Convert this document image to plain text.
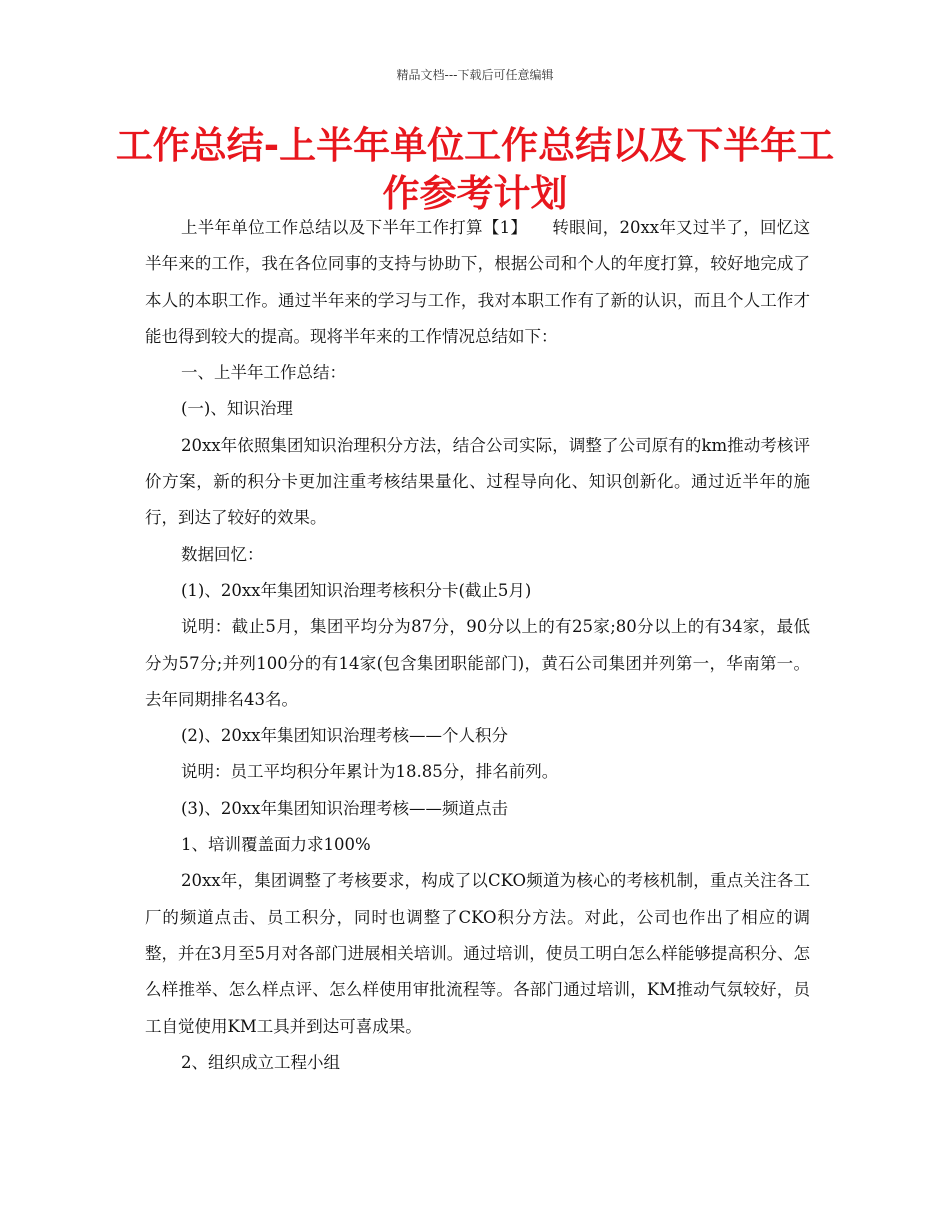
精品文档---下载后可任意编辑
工作总结-上半年单位工作总结以及下半年工作参考计划

上半年单位工作总结以及下半年工作打算【1】　　转眼间，20xx年又过半了，回忆这半年来的工作，我在各位同事的支持与协助下，根据公司和个人的年度打算，较好地完成了本人的本职工作。通过半年来的学习与工作，我对本职工作有了新的认识，而且个人工作才能也得到较大的提高。现将半年来的工作情况总结如下：

一、上半年工作总结：

(一)、知识治理

20xx年依照集团知识治理积分方法，结合公司实际，调整了公司原有的km推动考核评价方案，新的积分卡更加注重考核结果量化、过程导向化、知识创新化。通过近半年的施行，到达了较好的效果。

数据回忆：

(1)、20xx年集团知识治理考核积分卡(截止5月)

说明：截止5月，集团平均分为87分，90分以上的有25家;80分以上的有34家，最低分为57分;并列100分的有14家(包含集团职能部门)，黄石公司集团并列第一，华南第一。去年同期排名43名。

(2)、20xx年集团知识治理考核——个人积分

说明：员工平均积分年累计为18.85分，排名前列。

(3)、20xx年集团知识治理考核——频道点击

1、培训覆盖面力求100%

20xx年，集团调整了考核要求，构成了以CKO频道为核心的考核机制，重点关注各工厂的频道点击、员工积分，同时也调整了CKO积分方法。对此，公司也作出了相应的调整，并在3月至5月对各部门进展相关培训。通过培训，使员工明白怎么样能够提高积分、怎么样推举、怎么样点评、怎么样使用审批流程等。各部门通过培训，KM推动气氛较好，员工自觉使用KM工具并到达可喜成果。

2、组织成立工程小组
